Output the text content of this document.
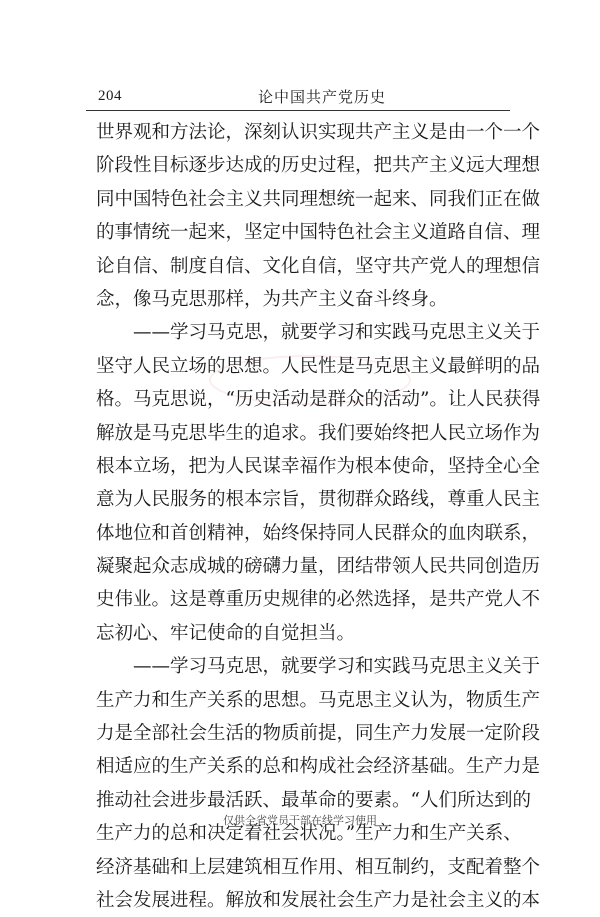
204	论中国共产党历史
世界观和方法论，深刻认识实现共产主义是由一个一个
阶段性目标逐步达成的历史过程，把共产主义远大理想
同中国特色社会主义共同理想统一起来、同我们正在做
的事情统一起来，坚定中国特色社会主义道路自信、理
论自信、制度自信、文化自信，坚守共产党人的理想信
念，像马克思那样，为共产主义奋斗终身。
　　——学习马克思，就要学习和实践马克思主义关于
坚守人民立场的思想。人民性是马克思主义最鲜明的品
格。马克思说，“历史活动是群众的活动”。让人民获得
解放是马克思毕生的追求。我们要始终把人民立场作为
根本立场，把为人民谋幸福作为根本使命，坚持全心全
意为人民服务的根本宗旨，贯彻群众路线，尊重人民主
体地位和首创精神，始终保持同人民群众的血肉联系，
凝聚起众志成城的磅礴力量，团结带领人民共同创造历
史伟业。这是尊重历史规律的必然选择，是共产党人不
忘初心、牢记使命的自觉担当。
　　——学习马克思，就要学习和实践马克思主义关于
生产力和生产关系的思想。马克思主义认为，物质生产
力是全部社会生活的物质前提，同生产力发展一定阶段
相适应的生产关系的总和构成社会经济基础。生产力是
推动社会进步最活跃、最革命的要素。“人们所达到的
生产力的总和决定着社会状况。”生产力和生产关系、
经济基础和上层建筑相互作用、相互制约，支配着整个
社会发展进程。解放和发展社会生产力是社会主义的本
仅供全省党员干部在线学习使用
